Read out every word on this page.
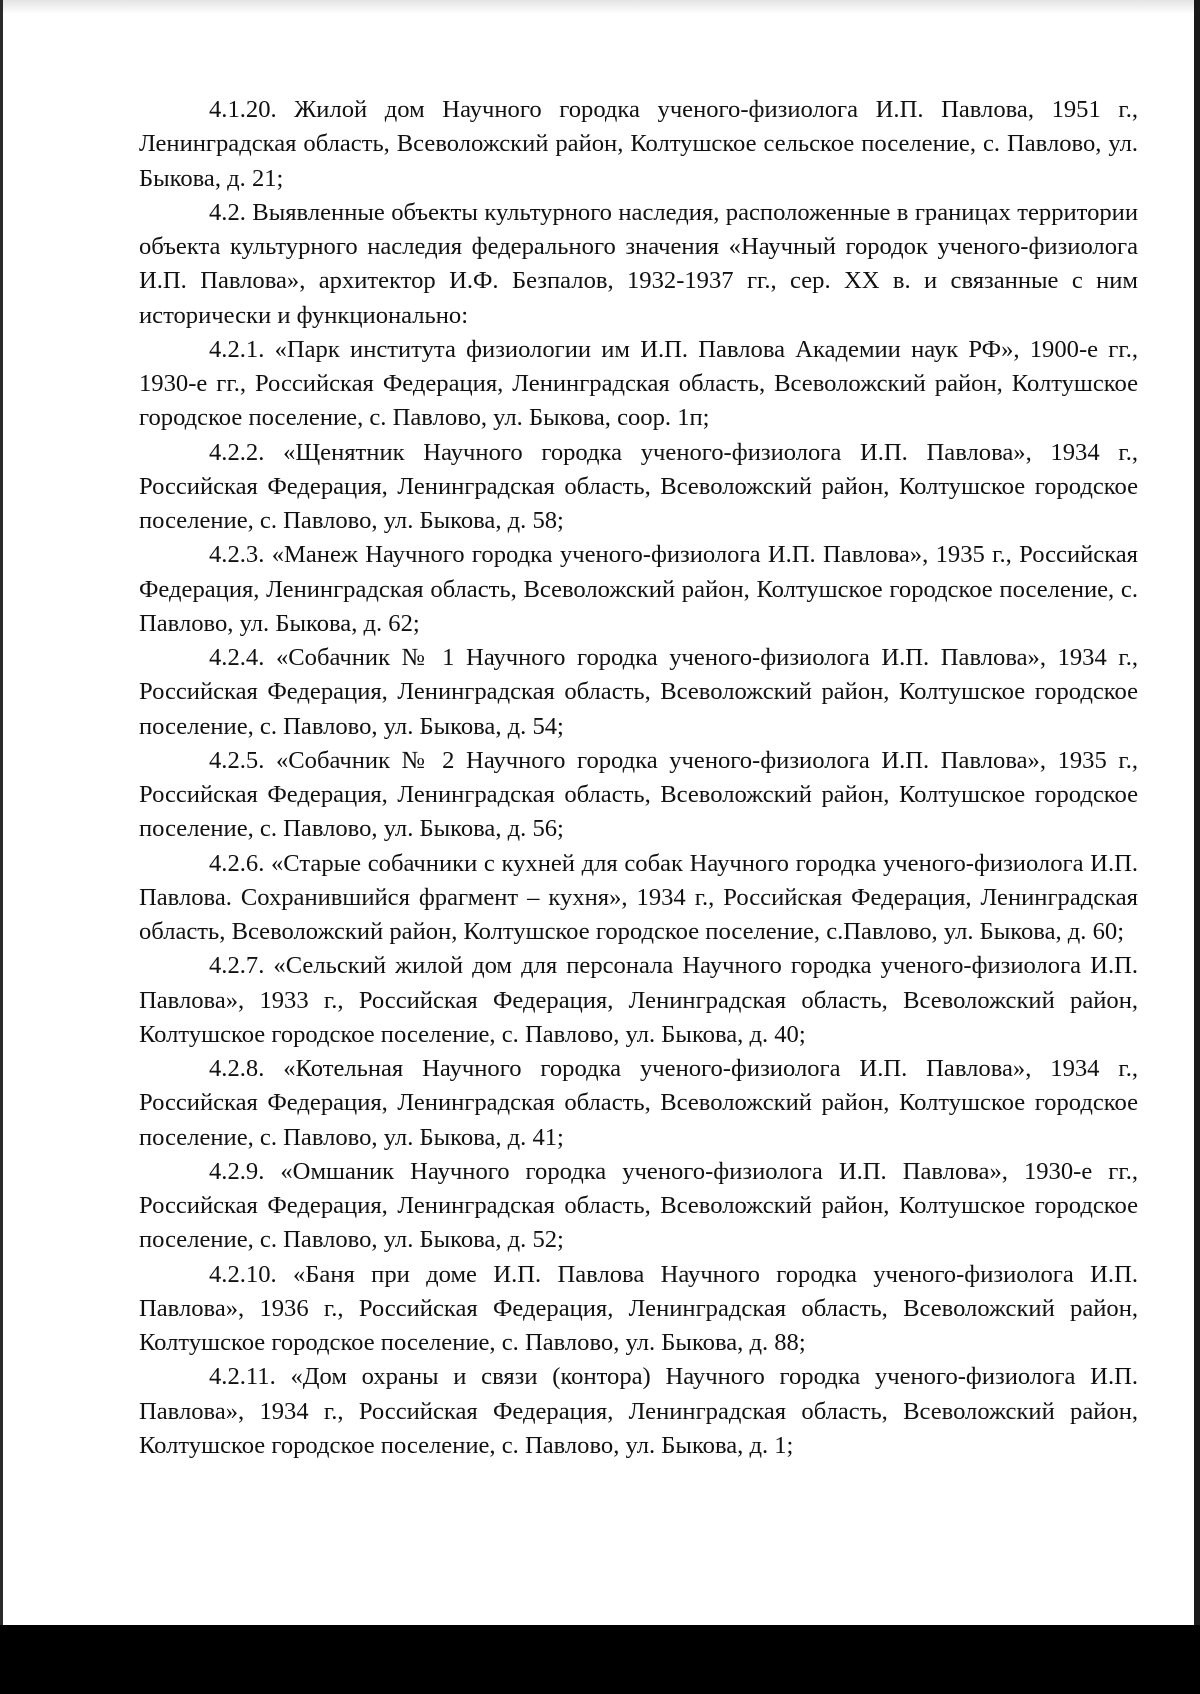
4.1.20. Жилой дом Научного городка ученого-физиолога И.П. Павлова, 1951 г., Ленинградская область, Всеволожский район, Колтушское сельское поселение, с. Павлово, ул. Быкова, д. 21;

4.2. Выявленные объекты культурного наследия, расположенные в границах территории объекта культурного наследия федерального значения «Научный городок ученого-физиолога И.П. Павлова», архитектор И.Ф. Безпалов, 1932-1937 гг., сер. XX в. и связанные с ним исторически и функционально:

4.2.1. «Парк института физиологии им И.П. Павлова Академии наук РФ», 1900-е гг., 1930-е гг., Российская Федерация, Ленинградская область, Всеволожский район, Колтушское городское поселение, с. Павлово, ул. Быкова, соор. 1п;

4.2.2. «Щенятник Научного городка ученого-физиолога И.П. Павлова», 1934 г., Российская Федерация, Ленинградская область, Всеволожский район, Колтушское городское поселение, с. Павлово, ул. Быкова, д. 58;

4.2.3. «Манеж Научного городка ученого-физиолога И.П. Павлова», 1935 г., Российская Федерация, Ленинградская область, Всеволожский район, Колтушское городское поселение, с. Павлово, ул. Быкова, д. 62;

4.2.4. «Собачник № 1 Научного городка ученого-физиолога И.П. Павлова», 1934 г., Российская Федерация, Ленинградская область, Всеволожский район, Колтушское городское поселение, с. Павлово, ул. Быкова, д. 54;

4.2.5. «Собачник № 2 Научного городка ученого-физиолога И.П. Павлова», 1935 г., Российская Федерация, Ленинградская область, Всеволожский район, Колтушское городское поселение, с. Павлово, ул. Быкова, д. 56;

4.2.6. «Старые собачники с кухней для собак Научного городка ученого-физиолога И.П. Павлова. Сохранившийся фрагмент – кухня», 1934 г., Российская Федерация, Ленинградская область, Всеволожский район, Колтушское городское поселение, с.Павлово, ул. Быкова, д. 60;

4.2.7. «Сельский жилой дом для персонала Научного городка ученого-физиолога И.П. Павлова», 1933 г., Российская Федерация, Ленинградская область, Всеволожский район, Колтушское городское поселение, с. Павлово, ул. Быкова, д. 40;

4.2.8. «Котельная Научного городка ученого-физиолога И.П. Павлова», 1934 г., Российская Федерация, Ленинградская область, Всеволожский район, Колтушское городское поселение, с. Павлово, ул. Быкова, д. 41;

4.2.9. «Омшаник Научного городка ученого-физиолога И.П. Павлова», 1930-е гг., Российская Федерация, Ленинградская область, Всеволожский район, Колтушское городское поселение, с. Павлово, ул. Быкова, д. 52;

4.2.10. «Баня при доме И.П. Павлова Научного городка ученого-физиолога И.П. Павлова», 1936 г., Российская Федерация, Ленинградская область, Всеволожский район, Колтушское городское поселение, с. Павлово, ул. Быкова, д. 88;

4.2.11. «Дом охраны и связи (контора) Научного городка ученого-физиолога И.П. Павлова», 1934 г., Российская Федерация, Ленинградская область, Всеволожский район, Колтушское городское поселение, с. Павлово, ул. Быкова, д. 1;
